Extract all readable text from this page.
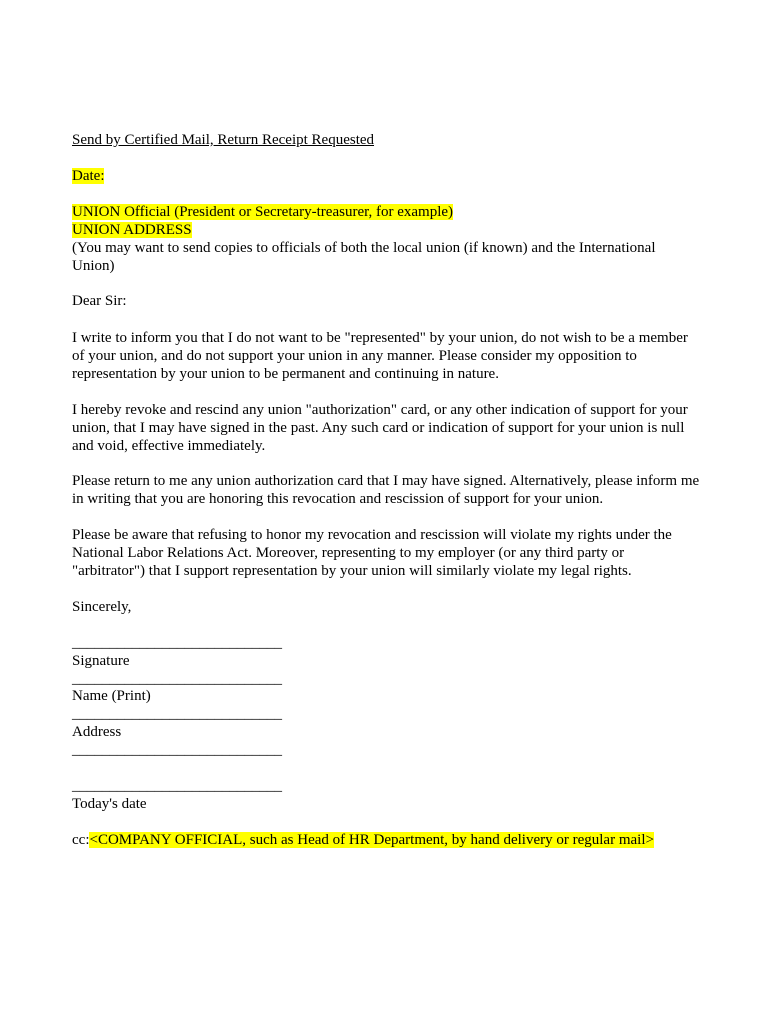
Send by Certified Mail, Return Receipt Requested
Date:
UNION Official (President or Secretary-treasurer, for example)
UNION ADDRESS
(You may want to send copies to officials of both the local union (if known) and the International
Union)
Dear Sir:
I write to inform you that I do not want to be "represented" by your union, do not wish to be a member
of your union, and do not support your union in any manner. Please consider my opposition to
representation by your union to be permanent and continuing in nature.
I hereby revoke and rescind any union "authorization" card, or any other indication of support for your
union, that I may have signed in the past. Any such card or indication of support for your union is null
and void, effective immediately.
Please return to me any union authorization card that I may have signed. Alternatively, please inform me
in writing that you are honoring this revocation and rescission of support for your union.
Please be aware that refusing to honor my revocation and rescission will violate my rights under the
National Labor Relations Act. Moreover, representing to my employer (or any third party or
"arbitrator") that I support representation by your union will similarly violate my legal rights.
Sincerely,
____________________________
Signature
____________________________
Name (Print)
____________________________
Address
____________________________
____________________________
Today's date
cc:<COMPANY OFFICIAL, such as Head of HR Department, by hand delivery or regular mail>
